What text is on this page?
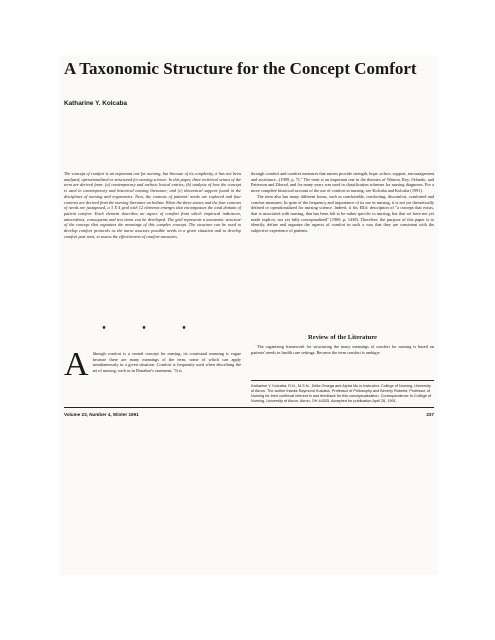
A Taxonomic Structure for the Concept Comfort
Katharine Y. Kolcaba

The concept of comfort is an important one for nursing, but because of its complexity, it has not been analyzed, operationalized or structured for nursing science. In this paper, three technical senses of the term are derived from: (a) contemporary and archaic lexical entries; (b) analysis of how the concept is used in contemporary and historical nursing literature; and (c) theoretical support found in the disciplines of nursing and ergonomics. Next, the contexts of patients' needs are explored and four contexts are derived from the nursing literature on holism. When the three senses and the four contexts of needs are juxtaposed, a 3 X 4 grid with 12 elements emerges that encompasses the total domain of patient comfort. Each element describes an aspect of comfort from which empirical indicators, antecedents, consequents and test items can be developed. The grid represents a taxonomic structure of the concept that organizes the meanings of this complex concept. The structure can be used to develop comfort protocols as the nurse assesses possible needs in a given situation and to develop comfort post tests, to assess the effectiveness of comfort measures.

• • •

Although comfort is a central concept for nursing, its contextual meaning is vague because there are many meanings of the term, some of which can apply simultaneously in a given situation. Comfort is frequently used when describing the art of nursing, such as in Donahue's statement, "It is

through comfort and comfort measures that nurses provide strength, hope, solace, support, encouragement and assistance...(1989, p. 7)." The term is an important one in the theories of Watson, Roy, Orlando, and Patterson and Zderad, and for many years was used in classification schemes for nursing diagnoses. For a more complete historical account of the use of comfort in nursing, see Kolcaba and Kolcaba (1991).

The term also has many different forms, such as comfortable, comforting, discomfort, comforted and comfort measures. In spite of the frequency and importance of its use in nursing, it is not yet theoretically defined or operationalized for nursing science. Indeed, it fits Ellis' description of "a concept that exists, that is associated with nursing, that has been felt to be rather specific to nursing, but that we have not yet made explicit, nor yet fully conceptualized" (1969, p. 1438). Therefore, the purpose of this paper is to identify, define and organize the aspects of comfort in such a way that they are consistent with the subjective experience of patients.

Review of the Literature

The organizing framework for structuring the many meanings of comfort for nursing is based on patients' needs in health care settings. Because the term comfort is ambigu-

Katharine Y. Kolcaba, R.N., M.S.N., Delta Omega and Alpha Mu is Instructor, College of Nursing, University of Akron. The author thanks Raymond Kolcaba, Professor of Philosophy and Beverly Roberts, Professor of Nursing for their continual interest in and feedback for this conceptualization. Correspondence to College of Nursing, University of Akron, Akron, OH 44325. Accepted for publication April 26, 1991.

Volume 23, Number 4, Winter 1991	237
